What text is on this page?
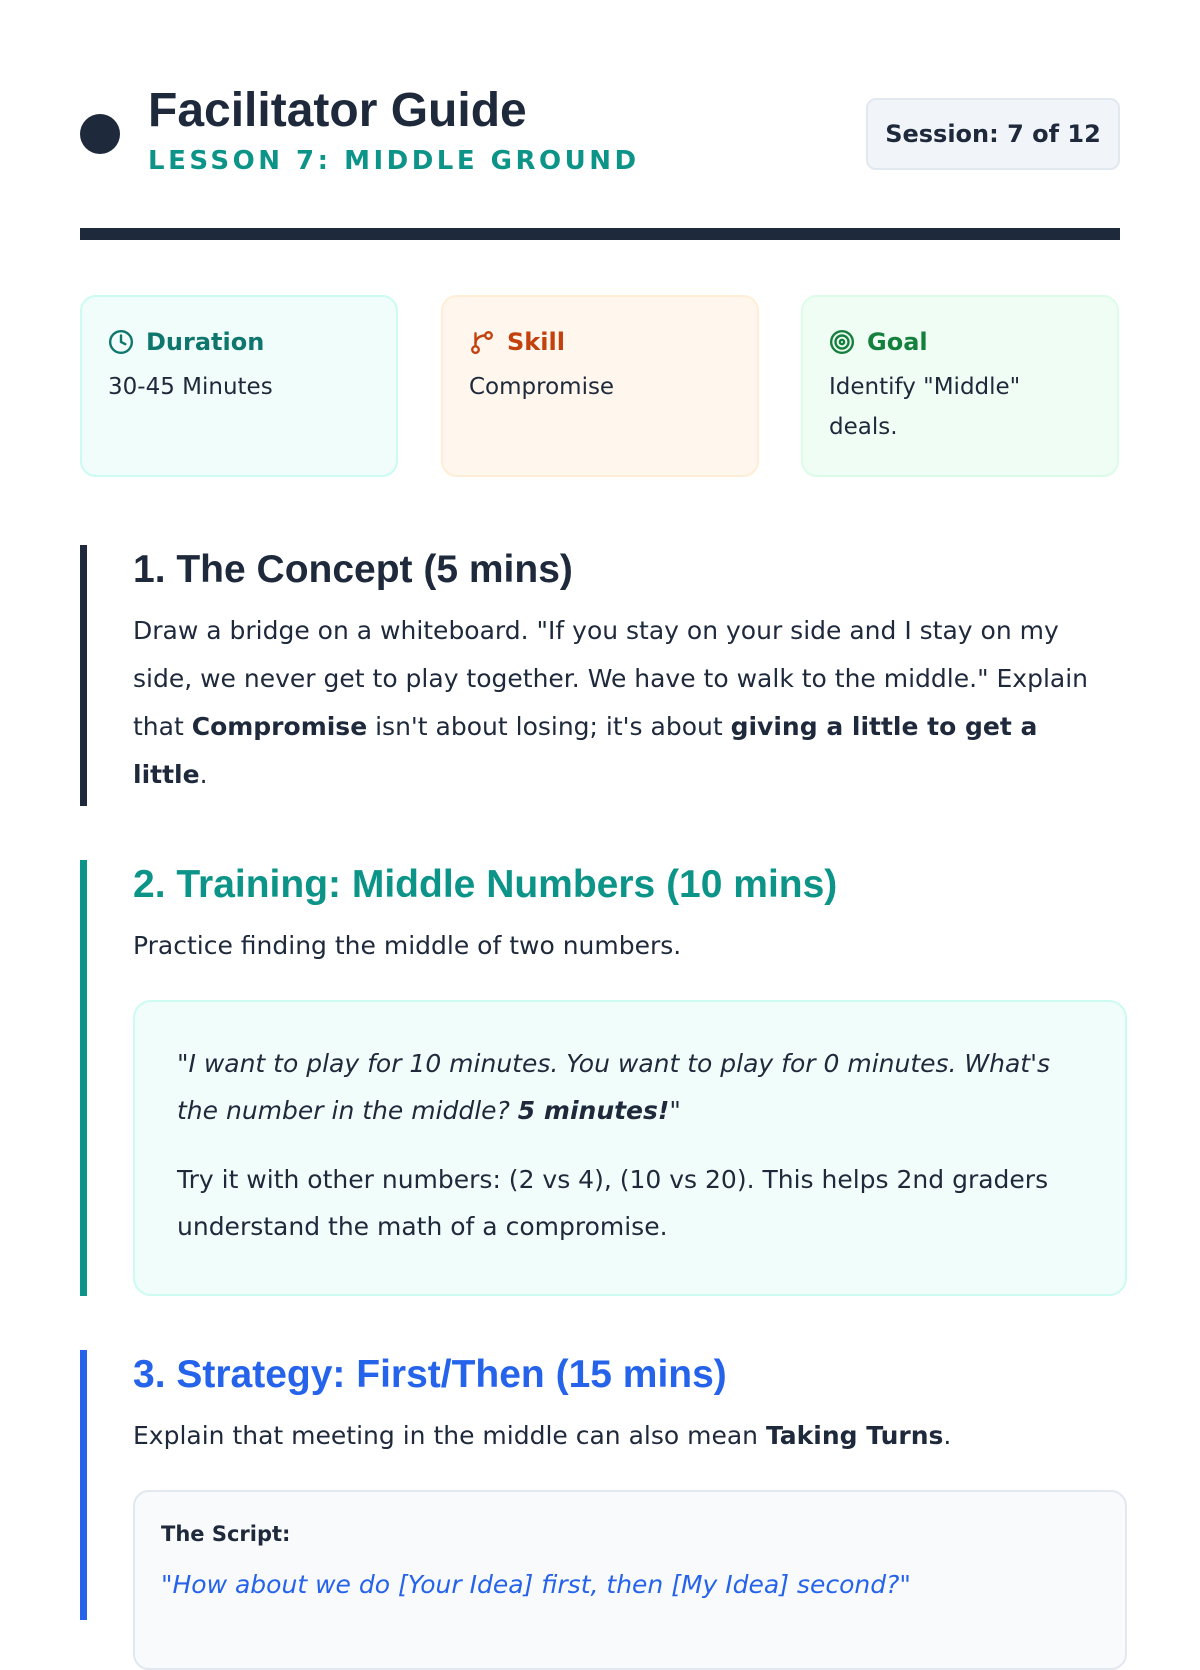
Facilitator Guide
LESSON 7: MIDDLE GROUND
Session: 7 of 12
Duration
30-45 Minutes
Skill
Compromise
Goal
Identify "Middle" deals.
1. The Concept (5 mins)

Draw a bridge on a whiteboard. "If you stay on your side and I stay on my side, we never get to play together. We have to walk to the middle." Explain that Compromise isn't about losing; it's about giving a little to get a little.

2. Training: Middle Numbers (10 mins)

Practice finding the middle of two numbers.

"I want to play for 10 minutes. You want to play for 0 minutes. What's the number in the middle? 5 minutes!"
Try it with other numbers: (2 vs 4), (10 vs 20). This helps 2nd graders understand the math of a compromise.
3. Strategy: First/Then (15 mins)

Explain that meeting in the middle can also mean Taking Turns.

The Script:
"How about we do [Your Idea] first, then [My Idea] second?"
